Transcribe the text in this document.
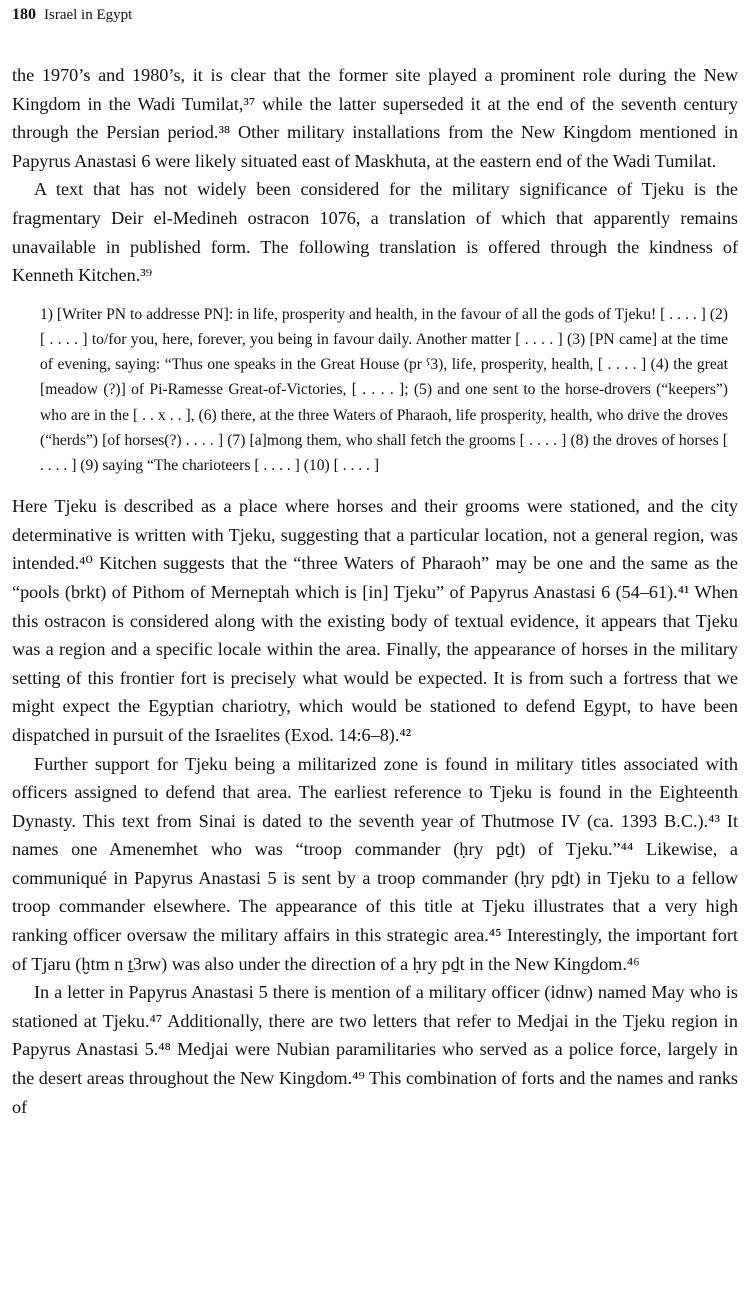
180 Israel in Egypt

the 1970’s and 1980’s, it is clear that the former site played a prominent role during the New Kingdom in the Wadi Tumilat,³⁷ while the latter superseded it at the end of the seventh century through the Persian period.³⁸ Other military installations from the New Kingdom mentioned in Papyrus Anastasi 6 were likely situated east of Maskhuta, at the eastern end of the Wadi Tumilat.

A text that has not widely been considered for the military significance of Tjeku is the fragmentary Deir el-Medineh ostracon 1076, a translation of which that apparently remains unavailable in published form. The following translation is offered through the kindness of Kenneth Kitchen.³⁹

1) [Writer PN to addresse PN]: in life, prosperity and health, in the favour of all the gods of Tjeku! [ . . . . ] (2) [ . . . . ] to/for you, here, forever, you being in favour daily. Another matter [ . . . . ] (3) [PN came] at the time of evening, saying: “Thus one speaks in the Great House (pr ˁ3), life, prosperity, health, [ . . . . ] (4) the great [meadow (?)] of Pi-Ramesse Great-of-Victories, [ . . . . ]; (5) and one sent to the horse-drovers (“keepers”) who are in the [ . . x . . ], (6) there, at the three Waters of Pharaoh, life prosperity, health, who drive the droves (“herds”) [of horses(?) . . . . ] (7) [a]mong them, who shall fetch the grooms [ . . . . ] (8) the droves of horses [ . . . . ] (9) saying “The charioteers [ . . . . ] (10) [ . . . . ]

Here Tjeku is described as a place where horses and their grooms were stationed, and the city determinative is written with Tjeku, suggesting that a particular location, not a general region, was intended.⁴⁰ Kitchen suggests that the “three Waters of Pharaoh” may be one and the same as the “pools (brkt) of Pithom of Merneptah which is [in] Tjeku” of Papyrus Anastasi 6 (54–61).⁴¹ When this ostracon is considered along with the existing body of textual evidence, it appears that Tjeku was a region and a specific locale within the area. Finally, the appearance of horses in the military setting of this frontier fort is precisely what would be expected. It is from such a fortress that we might expect the Egyptian chariotry, which would be stationed to defend Egypt, to have been dispatched in pursuit of the Israelites (Exod. 14:6–8).⁴²

Further support for Tjeku being a militarized zone is found in military titles associated with officers assigned to defend that area. The earliest reference to Tjeku is found in the Eighteenth Dynasty. This text from Sinai is dated to the seventh year of Thutmose IV (ca. 1393 B.C.).⁴³ It names one Amenemhet who was “troop commander (ḥry pḏt) of Tjeku.”⁴⁴ Likewise, a communiqué in Papyrus Anastasi 5 is sent by a troop commander (ḥry pḏt) in Tjeku to a fellow troop commander elsewhere. The appearance of this title at Tjeku illustrates that a very high ranking officer oversaw the military affairs in this strategic area.⁴⁵ Interestingly, the important fort of Tjaru (ḫtm n ṯ3rw) was also under the direction of a ḥry pḏt in the New Kingdom.⁴⁶

In a letter in Papyrus Anastasi 5 there is mention of a military officer (idnw) named May who is stationed at Tjeku.⁴⁷ Additionally, there are two letters that refer to Medjai in the Tjeku region in Papyrus Anastasi 5.⁴⁸ Medjai were Nubian paramilitaries who served as a police force, largely in the desert areas throughout the New Kingdom.⁴⁹ This combination of forts and the names and ranks of
